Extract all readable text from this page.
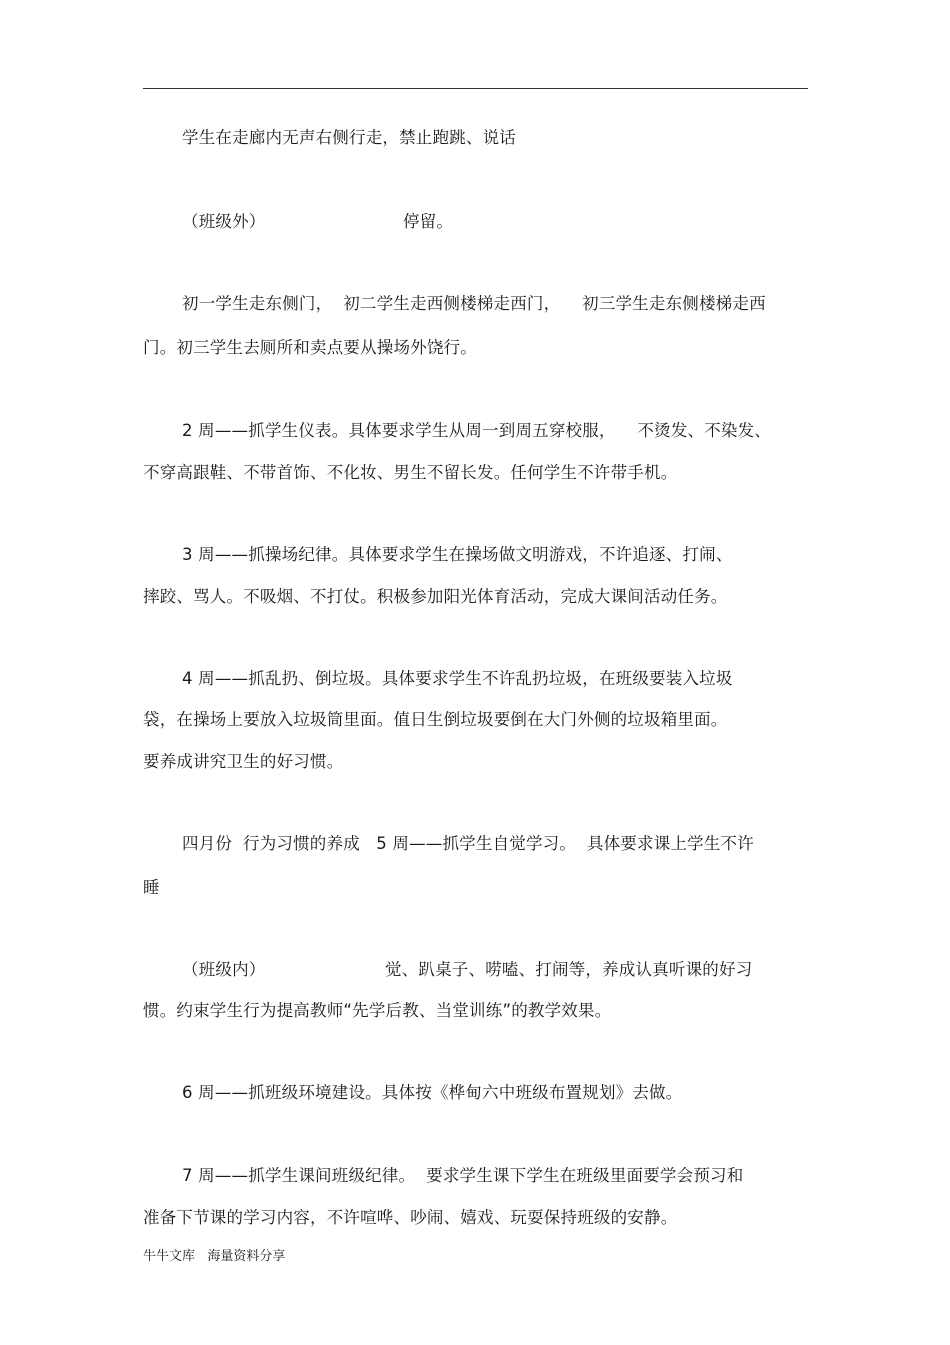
学生在走廊内无声右侧行走，禁止跑跳、说话
（班级外）	停留。
初一学生走东侧门，  初二学生走西侧楼梯走西门，    初三学生走东侧楼梯走西
门。初三学生去厕所和卖点要从操场外饶行。
2 周——抓学生仪表。具体要求学生从周一到周五穿校服，    不烫发、不染发、
不穿高跟鞋、不带首饰、不化妆、男生不留长发。任何学生不许带手机。
3 周——抓操场纪律。具体要求学生在操场做文明游戏，不许追逐、打闹、
摔跤、骂人。不吸烟、不打仗。积极参加阳光体育活动，完成大课间活动任务。
4 周——抓乱扔、倒垃圾。具体要求学生不许乱扔垃圾，在班级要装入垃圾
袋，在操场上要放入垃圾筒里面。值日生倒垃圾要倒在大门外侧的垃圾箱里面。
要养成讲究卫生的好习惯。
四月份  行为习惯的养成   5 周——抓学生自觉学习。  具体要求课上学生不许
睡
（班级内）	觉、趴桌子、唠嗑、打闹等，养成认真听课的好习
惯。约束学生行为提高教师“先学后教、当堂训练”的教学效果。
6 周——抓班级环境建设。具体按《桦甸六中班级布置规划》去做。
7 周——抓学生课间班级纪律。  要求学生课下学生在班级里面要学会预习和
准备下节课的学习内容，不许喧哗、吵闹、嬉戏、玩耍保持班级的安静。
牛牛文库   海量资料分享
